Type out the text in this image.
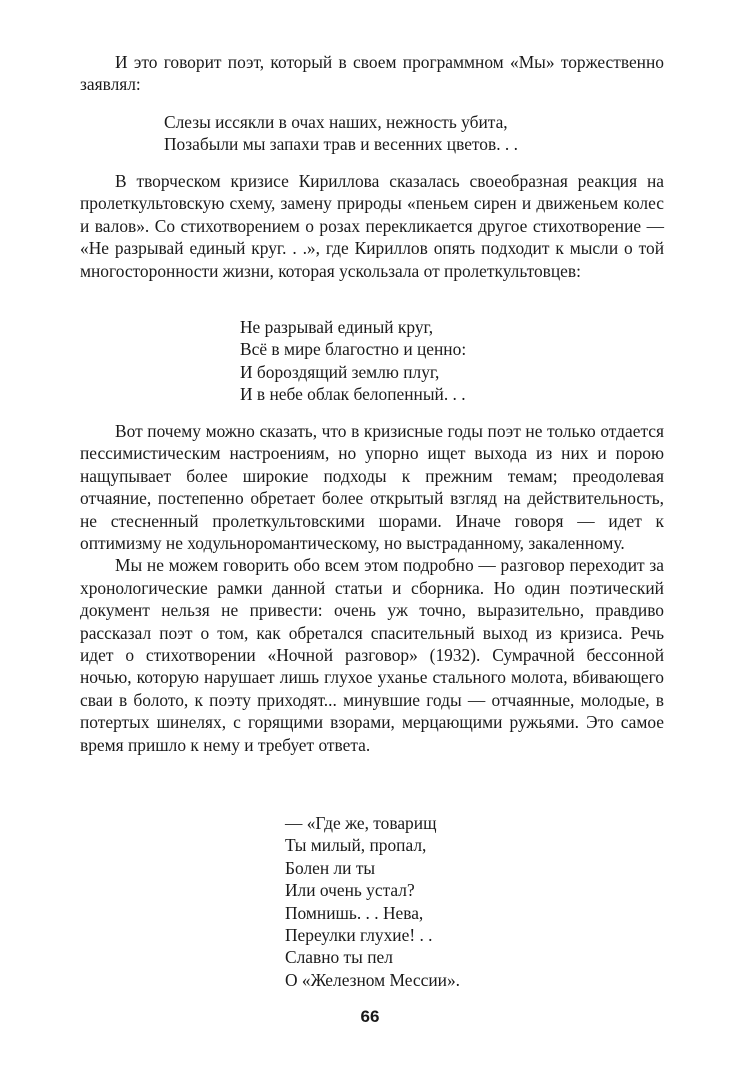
И это говорит поэт, который в своем программном «Мы» торжественно заявлял:

Слезы иссякли в очах наших, нежность убита,
Позабыли мы запахи трав и весенних цветов. . .

В творческом кризисе Кириллова сказалась своеобразная реакция на пролеткультовскую схему, замену природы «пеньем сирен и движеньем колес и валов». Со стихотворением о розах перекликается другое стихотворение — «Не разрывай единый круг. . .», где Кириллов опять подходит к мысли о той многосторонности жизни, которая ускользала от пролеткультовцев:

Не разрывай единый круг,
Всё в мире благостно и ценно:
И бороздящий землю плуг,
И в небе облак белопенный. . .

Вот почему можно сказать, что в кризисные годы поэт не только отдается пессимистическим настроениям, но упорно ищет выхода из них и порою нащупывает более широкие подходы к прежним темам; преодолевая отчаяние, постепенно обретает более открытый взгляд на действительность, не стесненный пролеткультовскими шорами. Иначе говоря — идет к оптимизму не ходульноромантическому, но выстраданному, закаленному.

Мы не можем говорить обо всем этом подробно — разговор переходит за хронологические рамки данной статьи и сборника. Но один поэтический документ нельзя не привести: очень уж точно, выразительно, правдиво рассказал поэт о том, как обретался спасительный выход из кризиса. Речь идет о стихотворении «Ночной разговор» (1932). Сумрачной бессонной ночью, которую нарушает лишь глухое уханье стального молота, вбивающего сваи в болото, к поэту приходят... минувшие годы — отчаянные, молодые, в потертых шинелях, с горящими взорами, мерцающими ружьями. Это самое время пришло к нему и требует ответа.

— «Где же, товарищ
Ты милый, пропал,
Болен ли ты
Или очень устал?
Помнишь. . . Нева,
Переулки глухие! . .
Славно ты пел
О «Железном Мессии».
66
